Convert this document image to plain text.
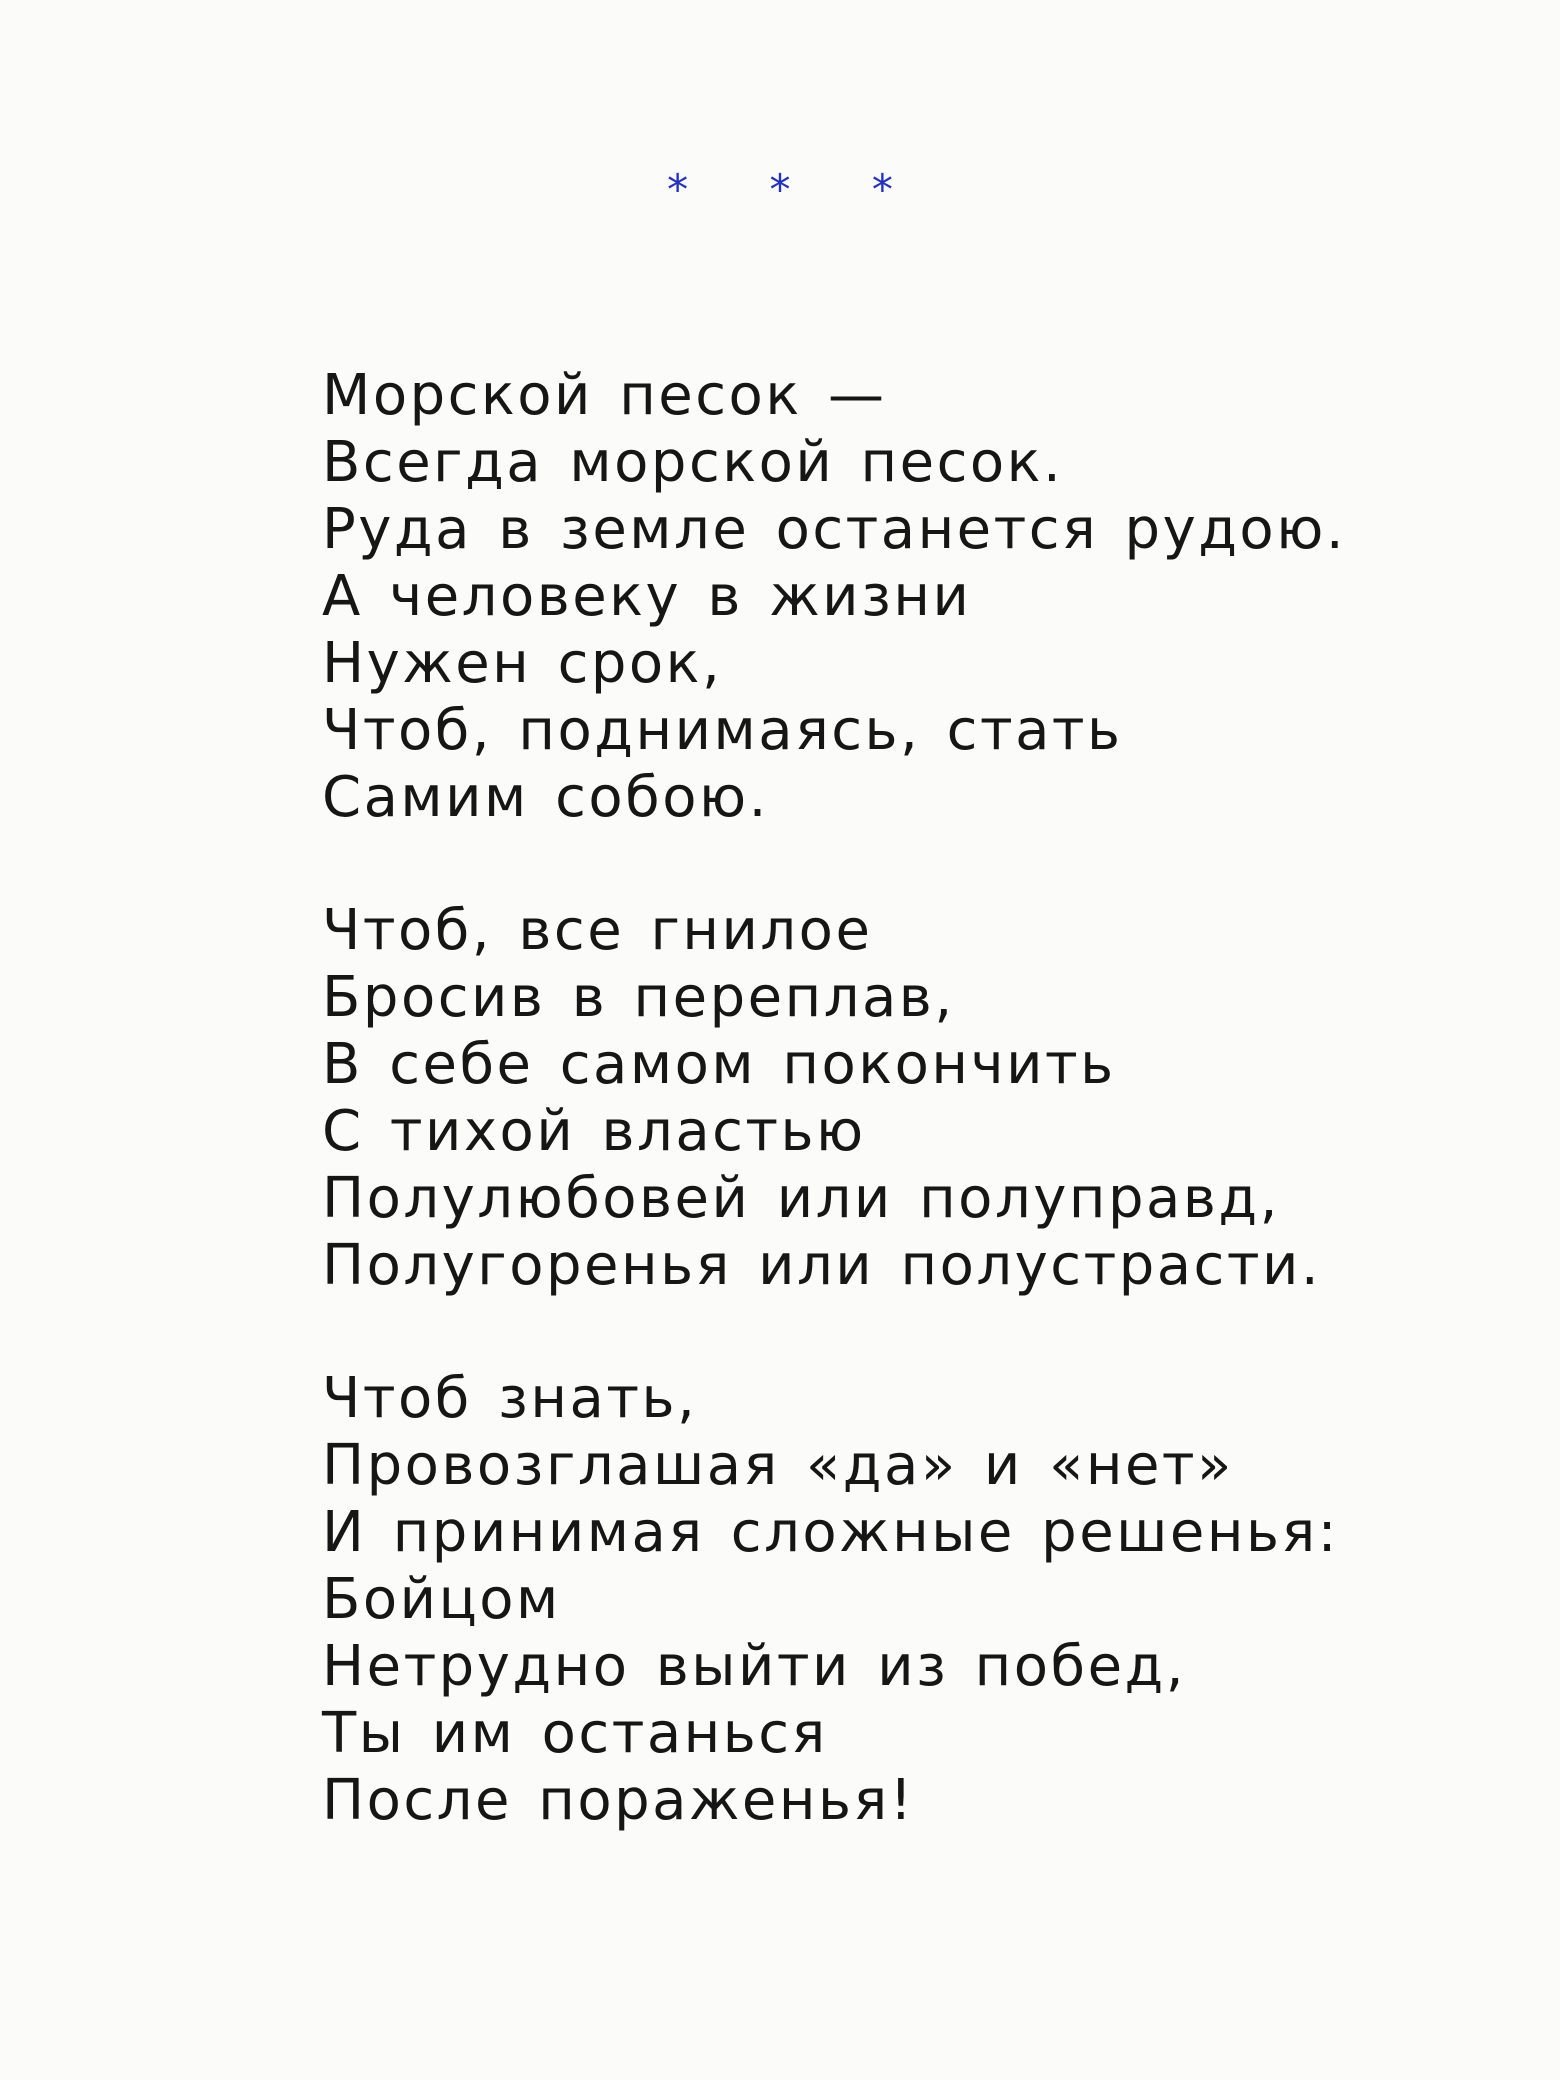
* * *
Морской песок —
Всегда морской песок.
Руда в земле останется рудою.
А человеку в жизни
Нужен срок,
Чтоб, поднимаясь, стать
Самим собою.
Чтоб, все гнилое
Бросив в переплав,
В себе самом покончить
С тихой властью
Полулюбовей или полуправд,
Полугоренья или полустрасти.
Чтоб знать,
Провозглашая «да» и «нет»
И принимая сложные решенья:
Бойцом
Нетрудно выйти из побед,
Ты им останься
После пораженья!
